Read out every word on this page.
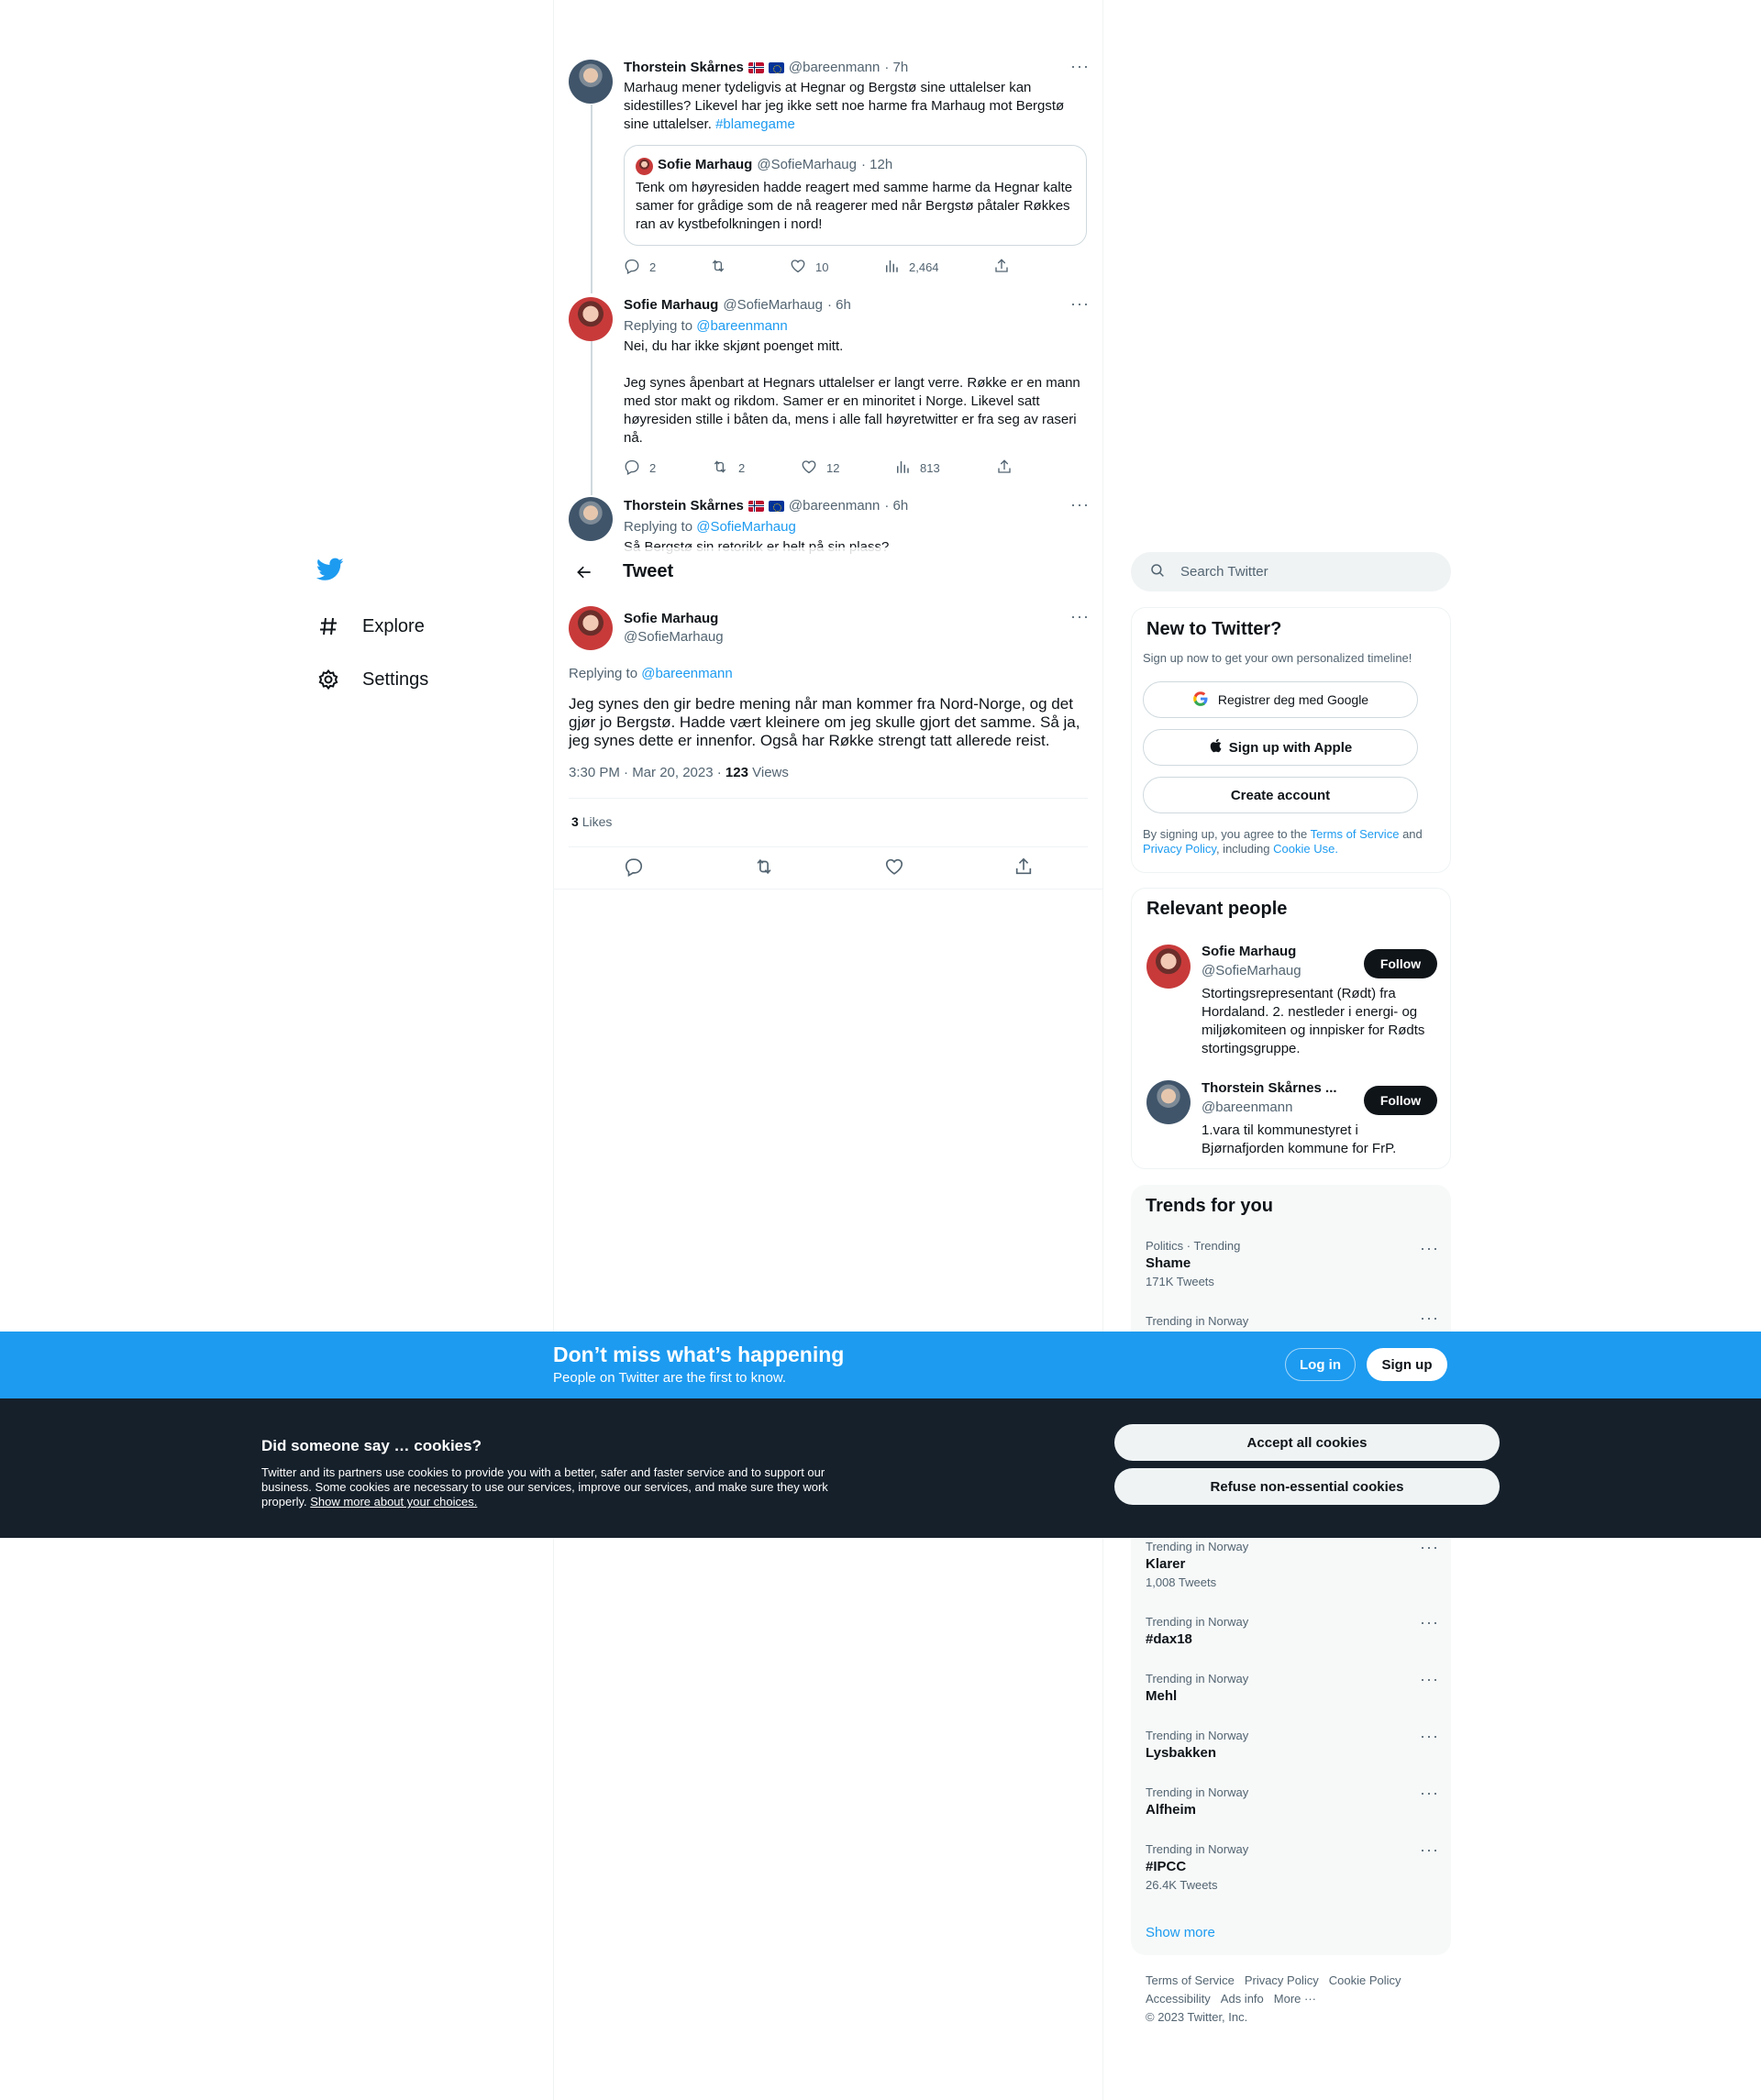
Explore
Settings
Thorstein Skårnes	@bareenmann · 7h	···
Marhaug mener tydeligvis at Hegnar og Bergstø sine uttalelser kan sidestilles? Likevel har jeg ikke sett noe harme fra Marhaug mot Bergstø sine uttalelser. #blamegame
Sofie Marhaug @SofieMarhaug · 12h
Tenk om høyresiden hadde reagert med samme harme da Hegnar kalte samer for grådige som de nå reagerer med når Bergstø påtaler Røkkes ran av kystbefolkningen i nord!
2	10	2,464
Sofie Marhaug @SofieMarhaug · 6h	···
Replying to @bareenmann
Nei, du har ikke skjønt poenget mitt.
Jeg synes åpenbart at Hegnars uttalelser er langt verre. Røkke er en mann med stor makt og rikdom. Samer er en minoritet i Norge. Likevel satt høyresiden stille i båten da, mens i alle fall høyretwitter er fra seg av raseri nå.
2	2	12	813
Thorstein Skårnes	@bareenmann · 6h	···
Replying to @SofieMarhaug
Tweet
Sofie Marhaug
@SofieMarhaug
···
Replying to @bareenmann
Jeg synes den gir bedre mening når man kommer fra Nord-Norge, og det gjør jo Bergstø. Hadde vært kleinere om jeg skulle gjort det samme. Så ja, jeg synes dette er innenfor. Også har Røkke strengt tatt allerede reist.
3:30 PM · Mar 20, 2023 · 123 Views
3 Likes
Search Twitter
New to Twitter?
Sign up now to get your own personalized timeline!
Registrer deg med Google
Sign up with Apple
Create account
By signing up, you agree to the Terms of Service and Privacy Policy, including Cookie Use.
Relevant people
Sofie Marhaug
@SofieMarhaug	Follow
Stortingsrepresentant (Rødt) fra Hordaland. 2. nestleder i energi- og miljøkomiteen og innpisker for Rødts stortingsgruppe.
Thorstein Skårnes ...
@bareenmann	Follow
1.vara til kommunestyret i Bjørnafjorden kommune for FrP.
Trends for you
Politics · Trending
Shame
171K Tweets
···
Trending in Norway	···
Trending in Norway
Klarer
1,008 Tweets
···
Trending in Norway
#dax18
···
Trending in Norway
Mehl
···
Trending in Norway
Lysbakken
···
Trending in Norway
Alfheim
···
Trending in Norway
#IPCC
26.4K Tweets
···
Show more
Terms of Service Privacy Policy Cookie Policy
Accessibility Ads info More ···
© 2023 Twitter, Inc.
Don’t miss what’s happening
People on Twitter are the first to know.
Log in	Sign up
Did someone say … cookies?
Twitter and its partners use cookies to provide you with a better, safer and faster service and to support our business. Some cookies are necessary to use our services, improve our services, and make sure they work properly. Show more about your choices.
Accept all cookies
Refuse non-essential cookies
